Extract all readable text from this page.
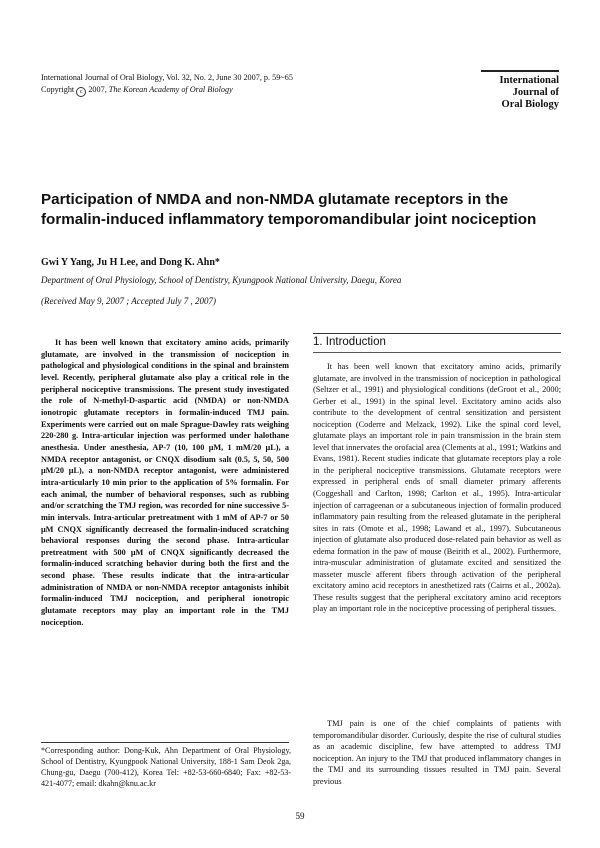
International Journal of Oral Biology, Vol. 32, No. 2, June 30 2007, p. 59~65
Copyright c 2007, The Korean Academy of Oral Biology
International
Journal of
Oral Biology
Participation of NMDA and non-NMDA glutamate receptors in the formalin-induced inflammatory temporomandibular joint nociception
Gwi Y Yang, Ju H Lee, and Dong K. Ahn*
Department of Oral Physiology, School of Dentistry, Kyungpook National University, Daegu, Korea
(Received May 9, 2007 ; Accepted July 7 , 2007)

It has been well known that excitatory amino acids, primarily glutamate, are involved in the transmission of nociception in pathological and physiological conditions in the spinal and brainstem level. Recently, peripheral glutamate also play a critical role in the peripheral nociceptive transmissions. The present study investigated the role of N-methyl-D-aspartic acid (NMDA) or non-NMDA ionotropic glutamate receptors in formalin-induced TMJ pain. Experiments were carried out on male Sprague-Dawley rats weighing 220-280 g. Intra-articular injection was performed under halothane anesthesia. Under anesthesia, AP-7 (10, 100 μM, 1 mM/20 μL), a NMDA receptor antagonist, or CNQX disodium salt (0.5, 5, 50, 500 μM/20 μL), a non-NMDA receptor antagonist, were administered intra-articularly 10 min prior to the application of 5% formalin. For each animal, the number of behavioral responses, such as rubbing and/or scratching the TMJ region, was recorded for nine successive 5-min intervals. Intra-articular pretreatment with 1 mM of AP-7 or 50 μM CNQX significantly decreased the formalin-induced scratching behavioral responses during the second phase. Intra-articular pretreatment with 500 μM of CNQX significantly decreased the formalin-induced scratching behavior during both the first and the second phase. These results indicate that the intra-articular administration of NMDA or non-NMDA receptor antagonists inhibit formalin-induced TMJ nociception, and peripheral ionotropic glutamate receptors may play an important role in the TMJ nociception.

*Corresponding author: Dong-Kuk, Ahn Department of Oral Physiology, School of Dentistry, Kyungpook National University, 188-1 Sam Deok 2ga, Chung-gu, Daegu (700-412), Korea Tel: +82-53-660-6840; Fax: +82-53-421-4077; email: dkahn@knu.ac.kr
1. Introduction

It has been well known that excitatory amino acids, primarily glutamate, are involved in the transmission of nociception in pathological (Seltzer et al., 1991) and physiological conditions (deGroot et al., 2000; Gerber et al., 1991) in the spinal level. Excitatory amino acids also contribute to the development of central sensitization and persistent nociception (Coderre and Melzack, 1992). Like the spinal cord level, glutamate plays an important role in pain transmission in the brain stem level that innervates the orofacial area (Clements at al., 1991; Watkins and Evans, 1981). Recent studies indicate that glutamate receptors play a role in the peripheral nociceptive transmissions. Glutamate receptors were expressed in peripheral ends of small diameter primary afferents (Coggeshall and Carlton, 1998; Carlton et al., 1995). Intra-articular injection of carrageenan or a subcutaneous injection of formalin produced inflammatory pain resulting from the released glutamate in the peripheral sites in rats (Omote et al., 1998; Lawand et al., 1997). Subcutaneous injection of glutamate also produced dose-related pain behavior as well as edema formation in the paw of mouse (Beirith et al., 2002). Furthermore, intra-muscular administration of glutamate excited and sensitized the masseter muscle afferent fibers through activation of the peripheral excitatory amino acid receptors in anesthetized rats (Cairns et al., 2002a). These results suggest that the peripheral excitatory amino acid receptors play an important role in the nociceptive processing of peripheral tissues.

TMJ pain is one of the chief complaints of patients with temporomandibular disorder. Curiously, despite the rise of cultural studies as an academic discipline, few have attempted to address TMJ nociception. An injury to the TMJ that produced inflammatory changes in the TMJ and its surrounding tissues resulted in TMJ pain. Several previous

59
